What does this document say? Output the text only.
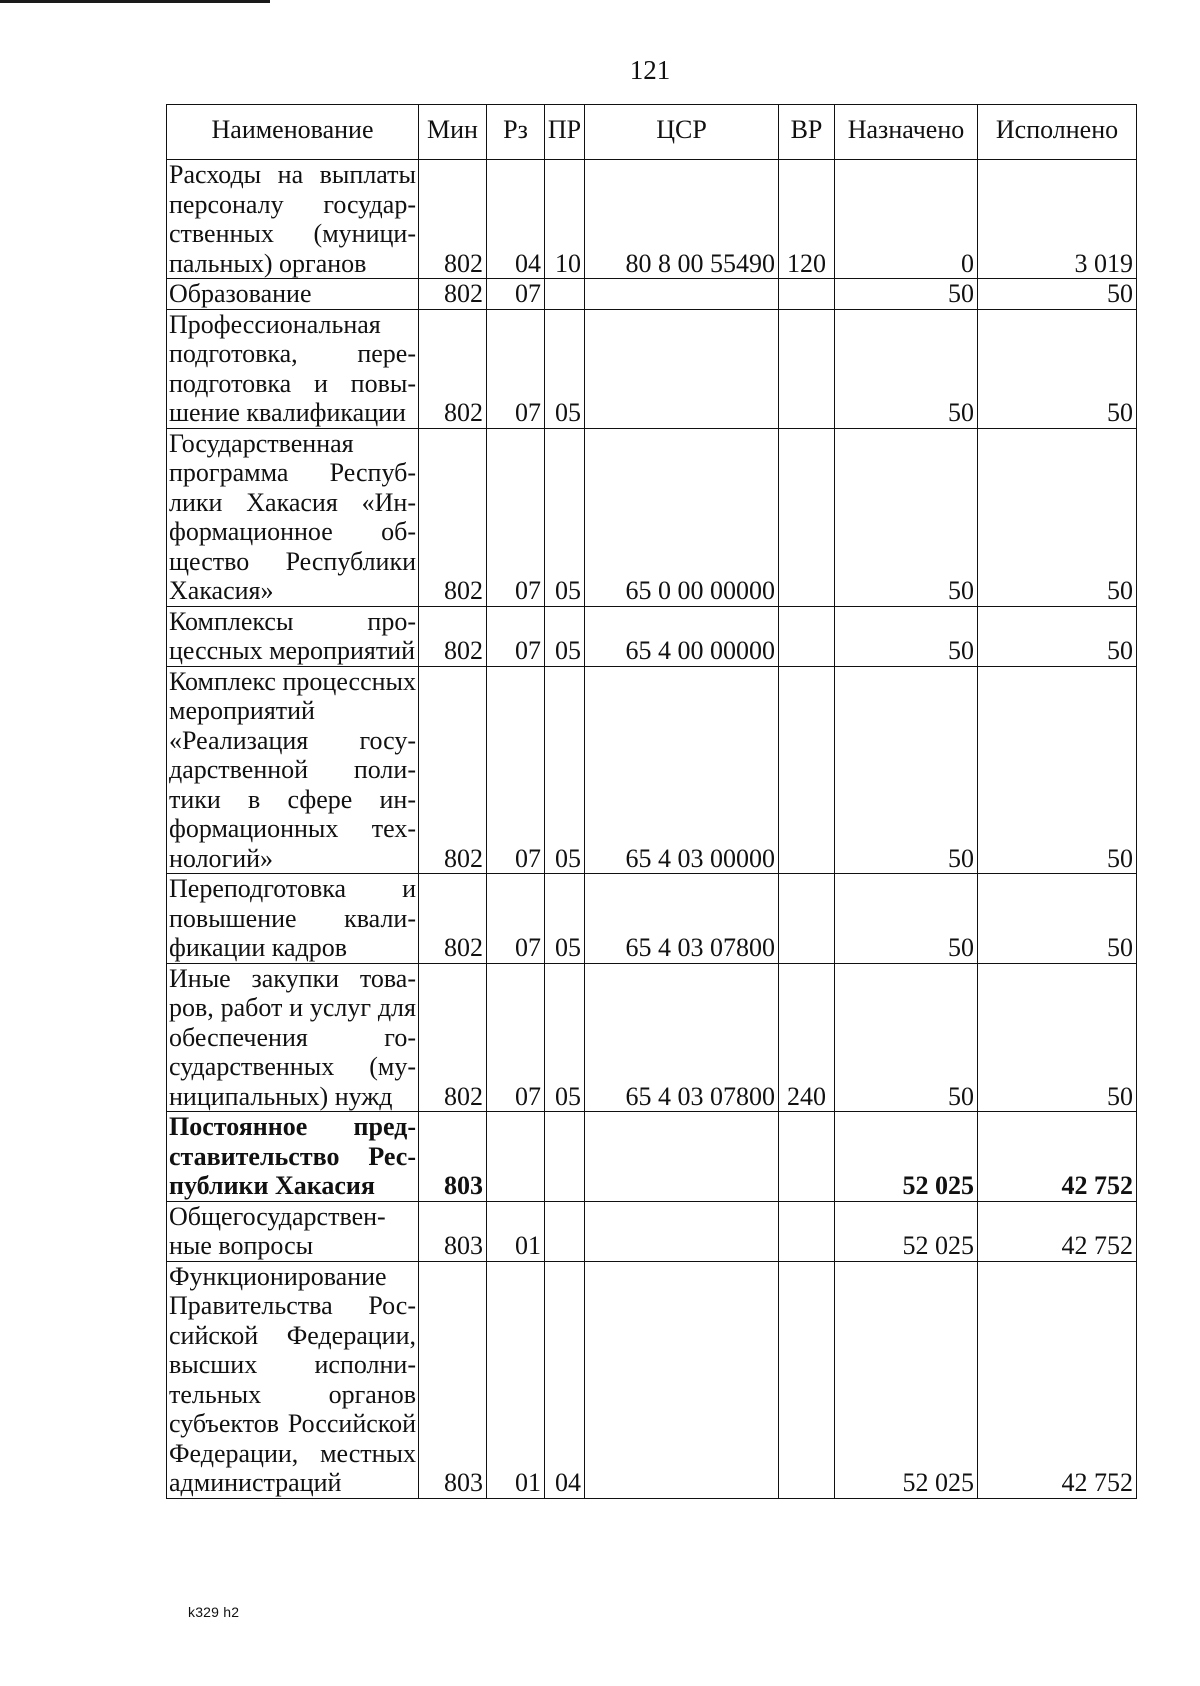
121
Наименование	Мин	Рз	ПР	ЦСР	ВР	Назначено	Исполнено
Расходы на выплаты персоналу государственных (муниципальных) органов	802	04	10	80 8 00 55490	120	0	3 019
Образование	802	07				50	50
Профессиональная подготовка, переподготовка и повышение квалификации	802	07	05			50	50
Государственная программа Республики Хакасия «Информационное общество Республики Хакасия»	802	07	05	65 0 00 00000		50	50
Комплексы процессных мероприятий	802	07	05	65 4 00 00000		50	50
Комплекс процессных мероприятий «Реализация государственной политики в сфере информационных технологий»	802	07	05	65 4 03 00000		50	50
Переподготовка и повышение квалификации кадров	802	07	05	65 4 03 07800		50	50
Иные закупки товаров, работ и услуг для обеспечения государственных (муниципальных) нужд	802	07	05	65 4 03 07800	240	50	50
Постоянное представительство Республики Хакасия	803					52 025	42 752
Общегосударственные вопросы	803	01				52 025	42 752
Функционирование Правительства Российской Федерации, высших исполнительных органов субъектов Российской Федерации, местных администраций	803	01	04			52 025	42 752
k329 h2
